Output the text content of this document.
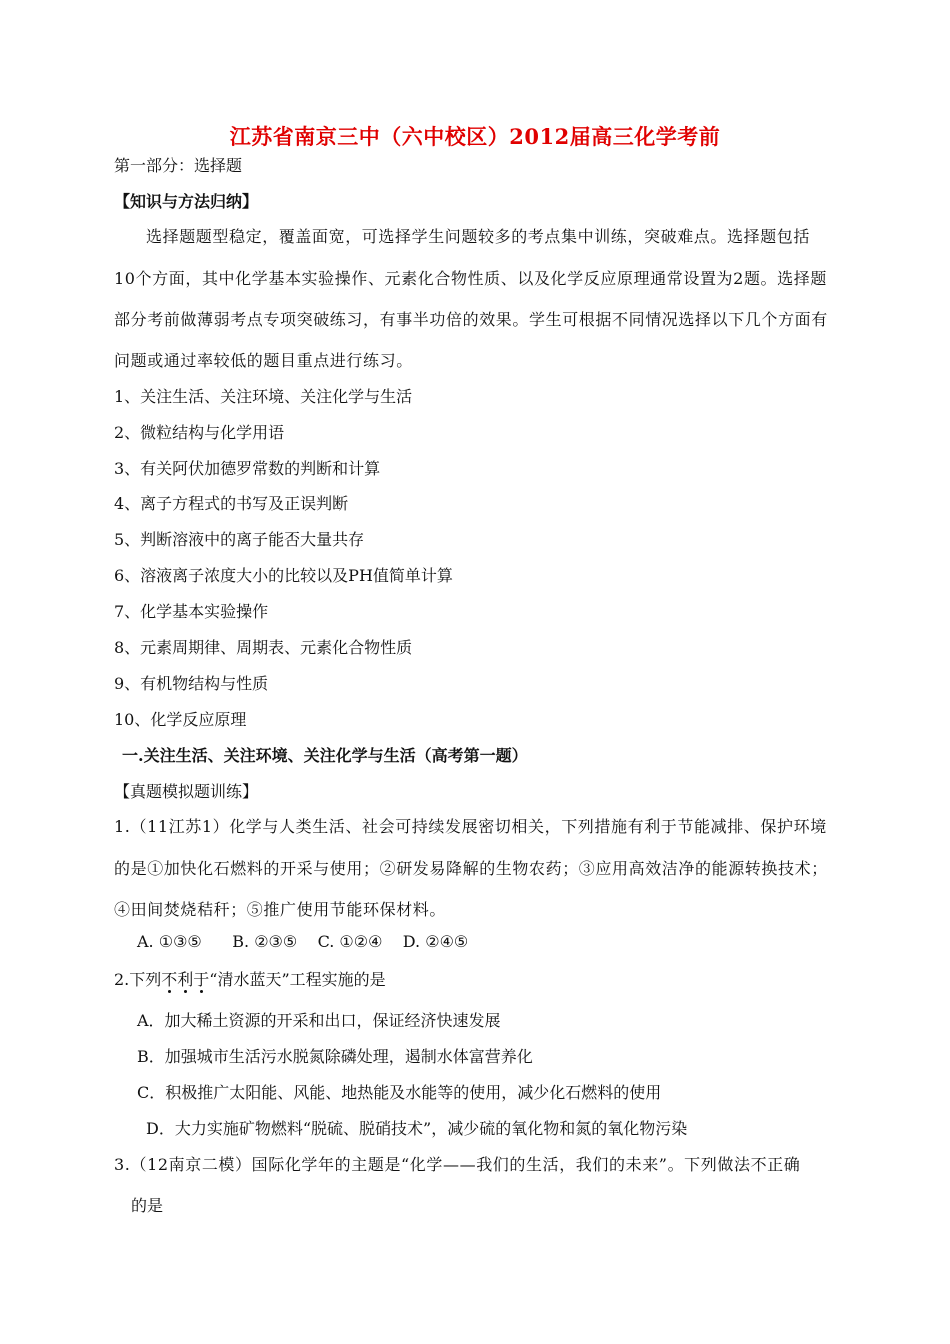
江苏省南京三中（六中校区）2012届高三化学考前
第一部分：选择题
【知识与方法归纳】
选择题题型稳定，覆盖面宽，可选择学生问题较多的考点集中训练，突破难点。选择题包括
10个方面，其中化学基本实验操作、元素化合物性质、以及化学反应原理通常设置为2题。选择题
部分考前做薄弱考点专项突破练习，有事半功倍的效果。学生可根据不同情况选择以下几个方面有
问题或通过率较低的题目重点进行练习。
1、关注生活、关注环境、关注化学与生活
2、微粒结构与化学用语
3、有关阿伏加德罗常数的判断和计算
4、离子方程式的书写及正误判断
5、判断溶液中的离子能否大量共存
6、溶液离子浓度大小的比较以及PH值简单计算
7、化学基本实验操作
8、元素周期律、周期表、元素化合物性质
9、有机物结构与性质
10、化学反应原理
一.关注生活、关注环境、关注化学与生活（高考第一题）
【真题模拟题训练】
1.（11江苏1）化学与人类生活、社会可持续发展密切相关，下列措施有利于节能减排、保护环境
的是①加快化石燃料的开采与使用；②研发易降解的生物农药；③应用高效洁净的能源转换技术；
④田间焚烧秸秆；⑤推广使用节能环保材料。
A. ①③⑤      B. ②③⑤    C. ①②④    D. ②④⑤
2.下列不利于
“清水蓝天”工程实施的是
A．加大稀土资源的开采和出口，保证经济快速发展
B．加强城市生活污水脱氮除磷处理，遏制水体富营养化
C．积极推广太阳能、风能、地热能及水能等的使用，减少化石燃料的使用
D．大力实施矿物燃料“脱硫、脱硝技术”，减少硫的氧化物和氮的氧化物污染
3.（12南京二模）国际化学年的主题是“化学——我们的生活，我们的未来”。下列做法不正确
的是
